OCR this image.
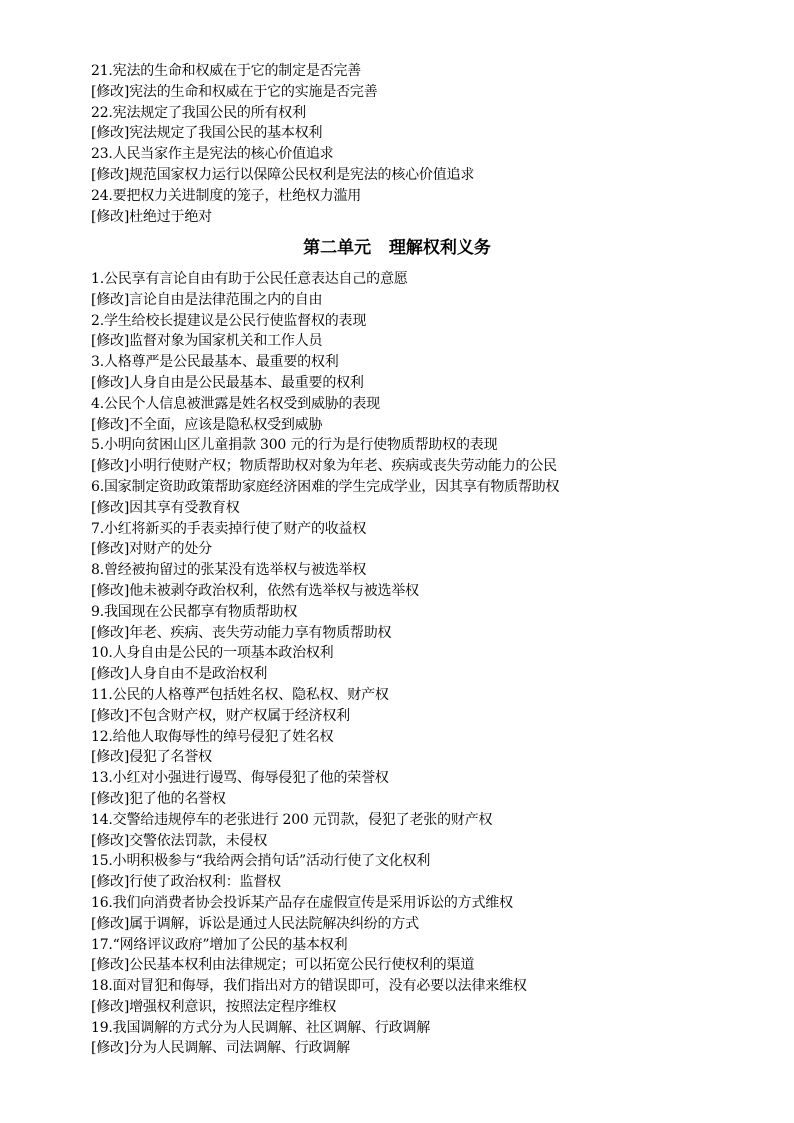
21.宪法的生命和权威在于它的制定是否完善
[修改]宪法的生命和权威在于它的实施是否完善
22.宪法规定了我国公民的所有权利
[修改]宪法规定了我国公民的基本权利
23.人民当家作主是宪法的核心价值追求
[修改]规范国家权力运行以保障公民权利是宪法的核心价值追求
24.要把权力关进制度的笼子，杜绝权力滥用
[修改]杜绝过于绝对
第二单元   理解权利义务
1.公民享有言论自由有助于公民任意表达自己的意愿
[修改]言论自由是法律范围之内的自由
2.学生给校长提建议是公民行使监督权的表现
[修改]监督对象为国家机关和工作人员
3.人格尊严是公民最基本、最重要的权利
[修改]人身自由是公民最基本、最重要的权利
4.公民个人信息被泄露是姓名权受到威胁的表现
[修改]不全面，应该是隐私权受到威胁
5.小明向贫困山区儿童捐款 300 元的行为是行使物质帮助权的表现
[修改]小明行使财产权；物质帮助权对象为年老、疾病或丧失劳动能力的公民
6.国家制定资助政策帮助家庭经济困难的学生完成学业，因其享有物质帮助权
[修改]因其享有受教育权
7.小红将新买的手表卖掉行使了财产的收益权
[修改]对财产的处分
8.曾经被拘留过的张某没有选举权与被选举权
[修改]他未被剥夺政治权利，依然有选举权与被选举权
9.我国现在公民都享有物质帮助权
[修改]年老、疾病、丧失劳动能力享有物质帮助权
10.人身自由是公民的一项基本政治权利
[修改]人身自由不是政治权利
11.公民的人格尊严包括姓名权、隐私权、财产权
[修改]不包含财产权，财产权属于经济权利
12.给他人取侮辱性的绰号侵犯了姓名权
[修改]侵犯了名誉权
13.小红对小强进行谩骂、侮辱侵犯了他的荣誉权
[修改]犯了他的名誉权
14.交警给违规停车的老张进行 200 元罚款，侵犯了老张的财产权
[修改]交警依法罚款，未侵权
15.小明积极参与“我给两会捎句话”活动行使了文化权利
[修改]行使了政治权利：监督权
16.我们向消费者协会投诉某产品存在虚假宣传是采用诉讼的方式维权
[修改]属于调解，诉讼是通过人民法院解决纠纷的方式
17.“网络评议政府”增加了公民的基本权利
[修改]公民基本权利由法律规定；可以拓宽公民行使权利的渠道
18.面对冒犯和侮辱，我们指出对方的错误即可，没有必要以法律来维权
[修改]增强权利意识，按照法定程序维权
19.我国调解的方式分为人民调解、社区调解、行政调解
[修改]分为人民调解、司法调解、行政调解
